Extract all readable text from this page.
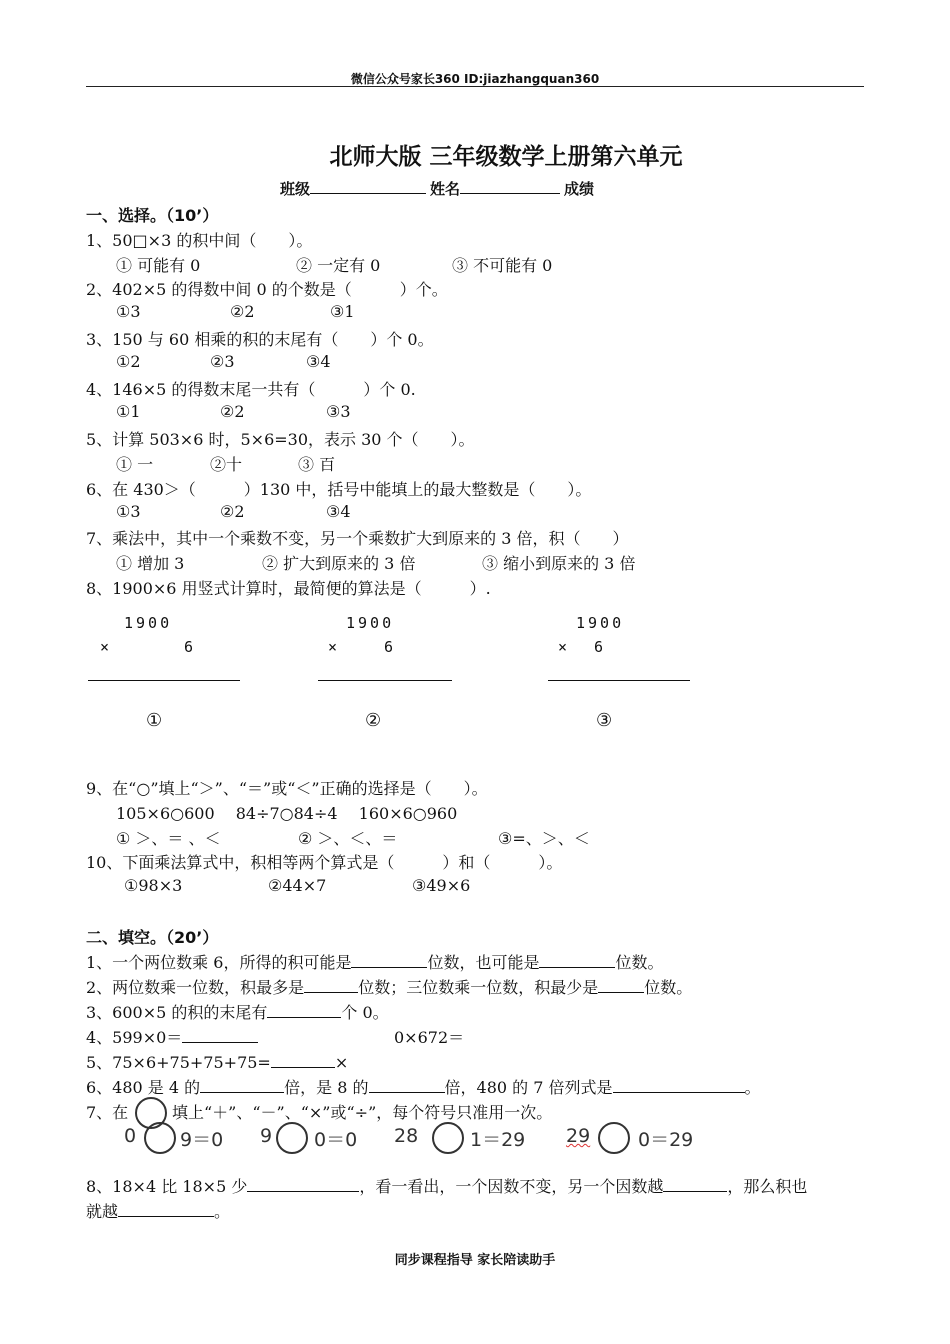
微信公众号家长360 ID:jiazhangquan360
北师大版 三年级数学上册第六单元
班级	姓名	成绩
一、选择。（10’）
1、50□×3 的积中间（　　）。
① 可能有 0	② 一定有 0	③ 不可能有 0
2、402×5 的得数中间 0 的个数是（　　　）个。
①3	②2	③1
3、150 与 60 相乘的积的末尾有（　　）个 0。
①2	②3	③4
4、146×5 的得数末尾一共有（　　　）个 0.
①1	②2	③3
5、计算 503×6 时，5×6=30，表示 30 个（　　）。
① 一	②十	③ 百
6、在 430＞（　　　）130 中，括号中能填上的最大整数是（　　）。
①3	②2	③4
7、乘法中，其中一个乘数不变，另一个乘数扩大到原来的 3 倍，积（　　）
① 增加 3	② 扩大到原来的 3 倍	③ 缩小到原来的 3 倍
8、1900×6 用竖式计算时，最简便的算法是（　　　）.
1900
×	6
①
1900
×	6
②
1900
× 6
③
9、在“○”填上“＞”、“＝”或“＜”正确的选择是（　　）。
105×6○600　 84÷7○84÷4　 160×6○960
① ＞、＝ 、＜	② ＞、＜、＝	③=、＞、＜
10、下面乘法算式中，积相等两个算式是（　　　）和（　　　）。
①98×3	②44×7	③49×6
二、填空。（20’）
1、一个两位数乘 6，所得的积可能是	位数，也可能是	位数。
2、两位数乘一位数，积最多是	位数；三位数乘一位数，积最少是	位数。
3、600×5 的积的末尾有	个 0。
4、599×0＝	0×672＝
5、75×6+75+75+75=	×
6、480 是 4 的	倍，是 8 的	倍，480 的 7 倍列式是	。
7、在	填上“＋”、“－”、“×”或“÷”，每个符号只准用一次。
0 9＝0 9 0＝0 28	1＝29 29	0＝29
8、18×4 比 18×5 少	，看一看出，一个因数不变，另一个因数越	，那么积也
就越	。
同步课程指导 家长陪读助手
